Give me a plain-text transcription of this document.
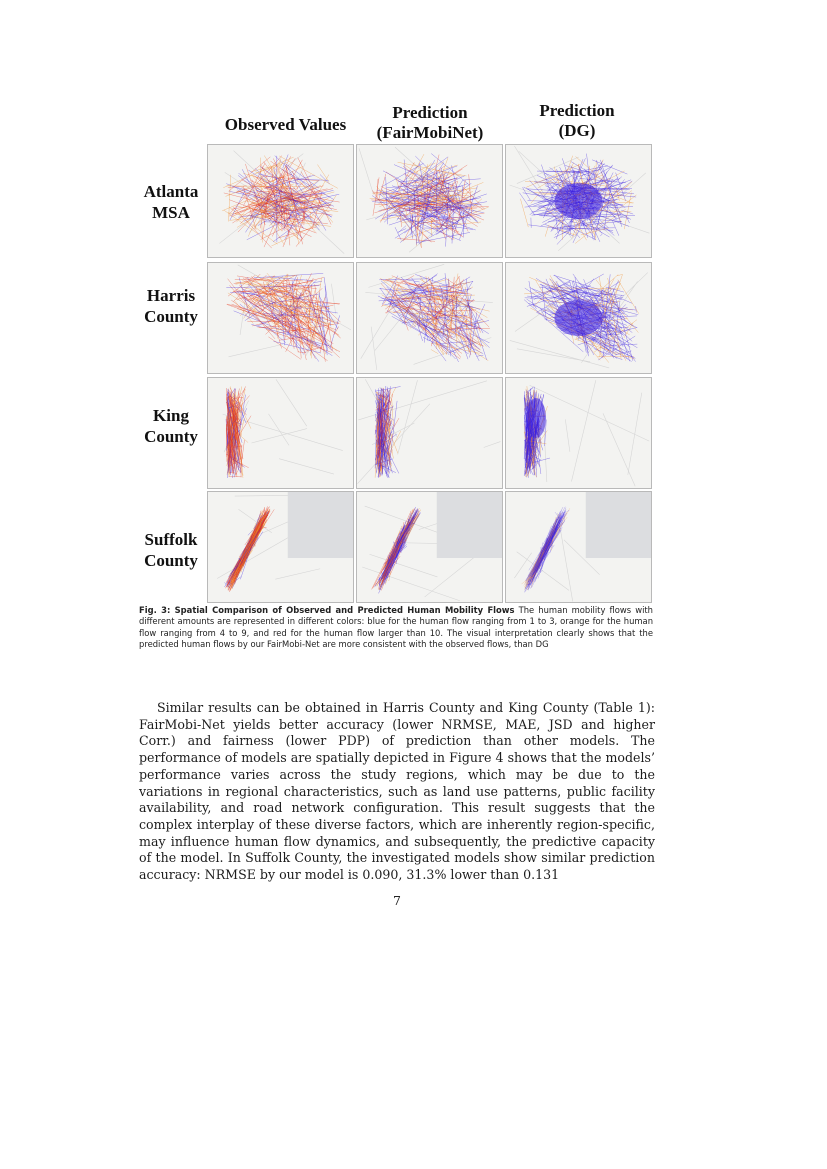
Observed Values
Prediction
(FairMobiNet)
Prediction
(DG)
Atlanta
MSA
Harris
County
King
County
Suffolk
County
Fig. 3: Spatial Comparison of Observed and Predicted Human Mobility Flows The human mobility flows with different amounts are represented in different colors: blue for the human flow ranging from 1 to 3, orange for the human flow ranging from 4 to 9, and red for the human flow larger than 10. The visual interpretation clearly shows that the predicted human flows by our FairMobi-Net are more consistent with the observed flows, than DG
Similar results can be obtained in Harris County and King County (Table 1): FairMobi-Net yields better accuracy (lower NRMSE, MAE, JSD and higher Corr.) and fairness (lower PDP) of prediction than other models. The performance of models are spatially depicted in Figure 4 shows that the models’ performance varies across the study regions, which may be due to the variations in regional characteristics, such as land use patterns, public facility availability, and road network configuration. This result suggests that the complex interplay of these diverse factors, which are inherently region-specific, may influence human flow dynamics, and subsequently, the predictive capacity of the model. In Suffolk County, the investigated models show similar prediction accuracy: NRMSE by our model is 0.090, 31.3% lower than 0.131
7
